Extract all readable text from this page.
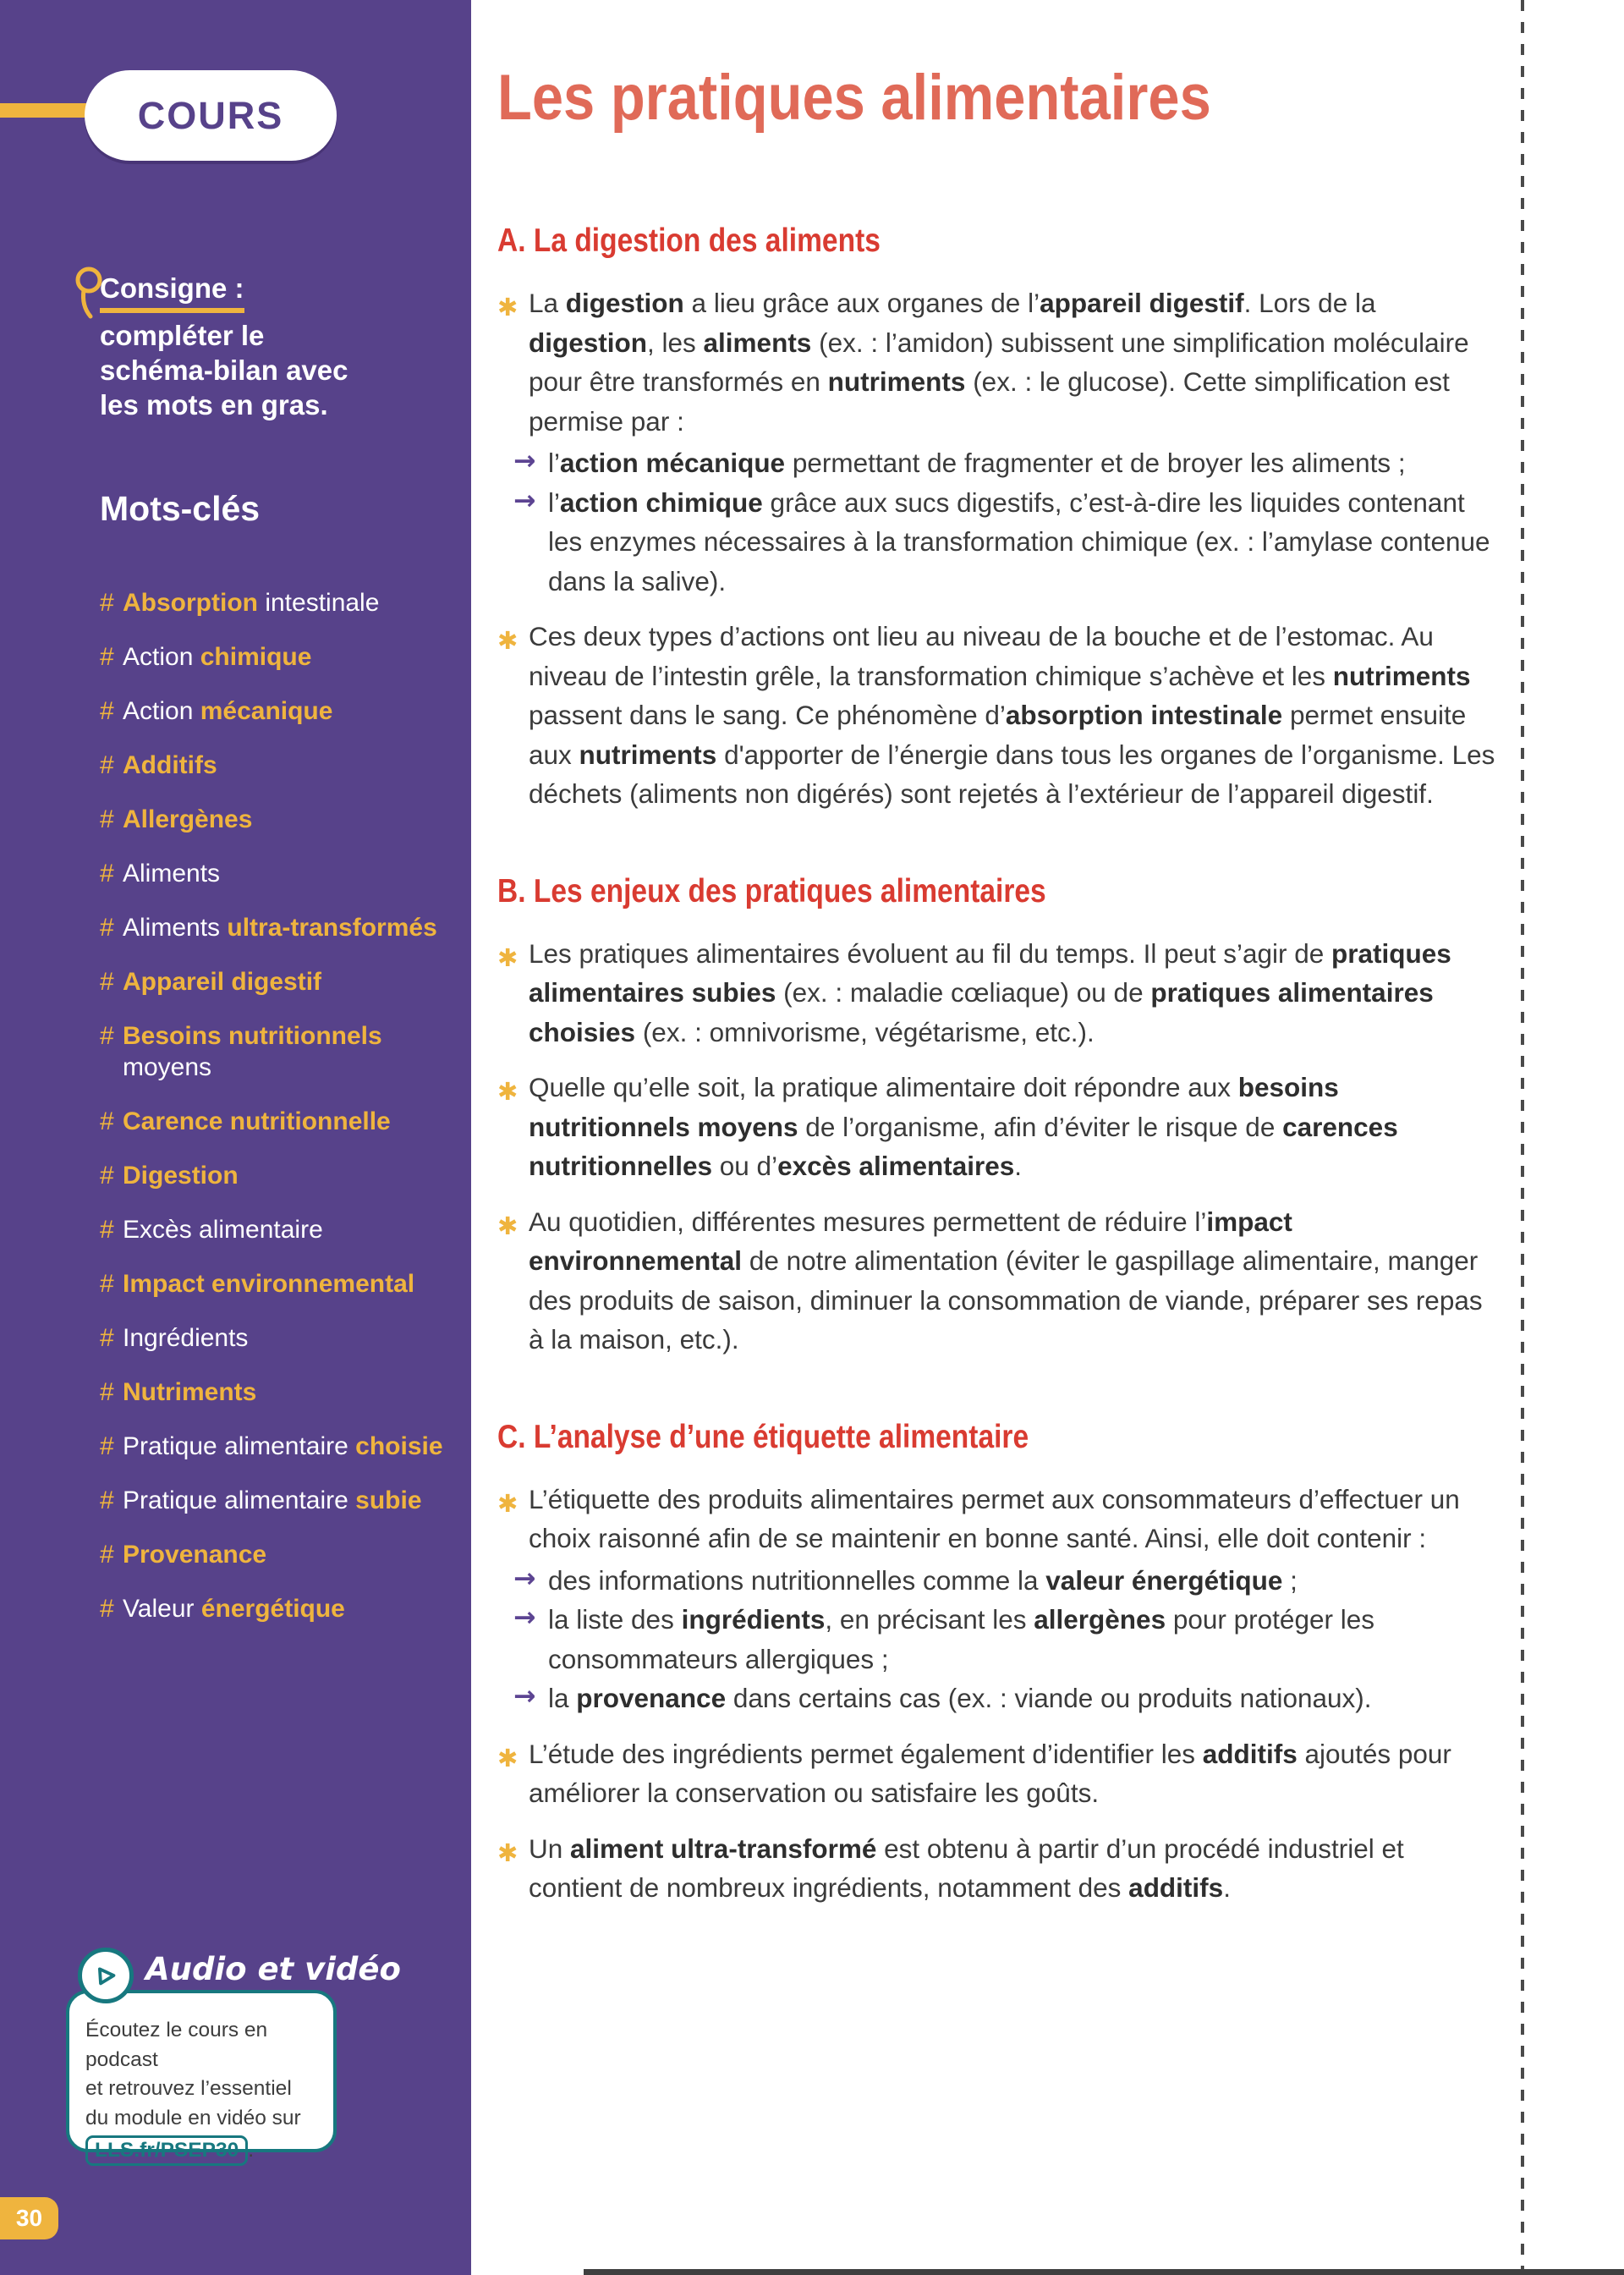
COURS
Consigne :
compléter le
schéma-bilan avec
les mots en gras.
Mots-clés
# Absorption intestinale
# Action chimique
# Action mécanique
# Additifs
# Allergènes
# Aliments
# Aliments ultra-transformés
# Appareil digestif
# Besoins nutritionnels moyens
# Carence nutritionnelle
# Digestion
# Excès alimentaire
# Impact environnemental
# Ingrédients
# Nutriments
# Pratique alimentaire choisie
# Pratique alimentaire subie
# Provenance
# Valeur énergétique
Audio et vidéo
Écoutez le cours en podcast
et retrouvez l’essentiel
du module en vidéo sur
LLS.fr/PSEP30 .
30
Les pratiques alimentaires
A. La digestion des aliments

✱ La digestion a lieu grâce aux organes de l’appareil digestif. Lors de la digestion, les aliments (ex. : l’amidon) subissent une simplification moléculaire pour être transformés en nutriments (ex. : le glucose). Cette simplification est permise par :

→ l’action mécanique permettant de fragmenter et de broyer les aliments ;
→ l’action chimique grâce aux sucs digestifs, c’est-à-dire les liquides contenant les enzymes nécessaires à la transformation chimique (ex. : l’amylase contenue dans la salive).

✱ Ces deux types d’actions ont lieu au niveau de la bouche et de l’estomac. Au niveau de l’intestin grêle, la transformation chimique s’achève et les nutriments passent dans le sang. Ce phénomène d’absorption intestinale permet ensuite aux nutriments d'apporter de l’énergie dans tous les organes de l’organisme. Les déchets (aliments non digérés) sont rejetés à l’extérieur de l’appareil digestif.

B. Les enjeux des pratiques alimentaires

✱ Les pratiques alimentaires évoluent au fil du temps. Il peut s’agir de pratiques alimentaires subies (ex. : maladie cœliaque) ou de pratiques alimentaires choisies (ex. : omnivorisme, végétarisme, etc.).

✱ Quelle qu’elle soit, la pratique alimentaire doit répondre aux besoins nutritionnels moyens de l’organisme, afin d’éviter le risque de carences nutritionnelles ou d’excès alimentaires.

✱ Au quotidien, différentes mesures permettent de réduire l’impact environnemental de notre alimentation (éviter le gaspillage alimentaire, manger des produits de saison, diminuer la consommation de viande, préparer ses repas à la maison, etc.).

C. L’analyse d’une étiquette alimentaire

✱ L’étiquette des produits alimentaires permet aux consommateurs d’effectuer un choix raisonné afin de se maintenir en bonne santé. Ainsi, elle doit contenir :

→ des informations nutritionnelles comme la valeur énergétique ;
→ la liste des ingrédients, en précisant les allergènes pour protéger les consommateurs allergiques ;
→ la provenance dans certains cas (ex. : viande ou produits nationaux).

✱ L’étude des ingrédients permet également d’identifier les additifs ajoutés pour améliorer la conservation ou satisfaire les goûts.

✱ Un aliment ultra-transformé est obtenu à partir d’un procédé industriel et contient de nombreux ingrédients, notamment des additifs.
